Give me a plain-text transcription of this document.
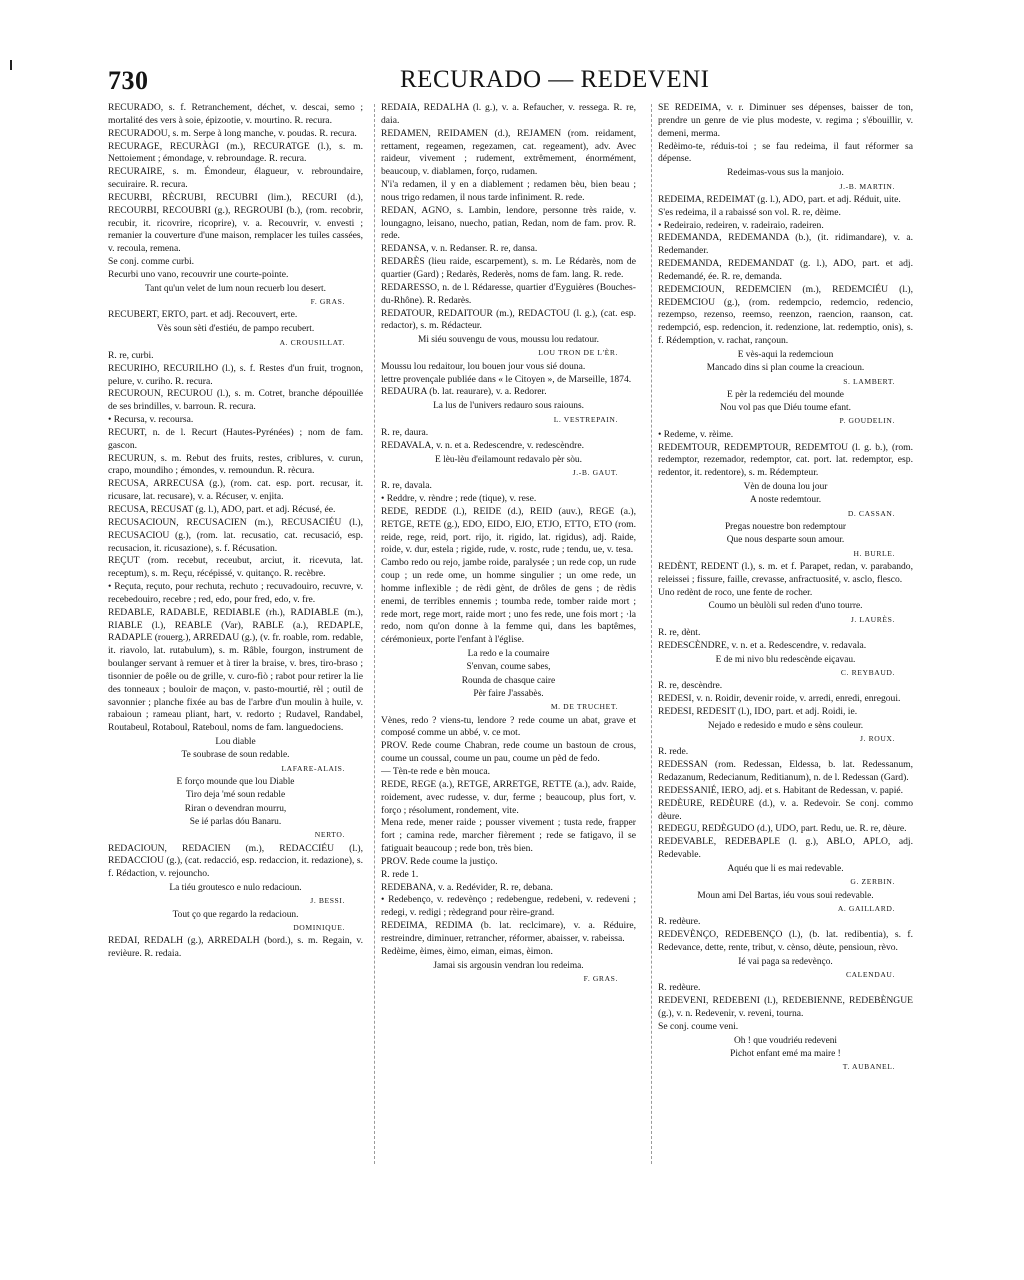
730	RECURADO — REDEVENI

RECURADO, s. f. Retranchement, déchet, v. descai, semo ; mortalité des vers à soie, épizootie, v. mourtino. R. recura.

RECURADOU, s. m. Serpe à long manche, v. poudas. R. recura.

RECURAGE, RECURÀGI (m.), RECURATGE (l.), s. m. Nettoiement ; émondage, v. rebroundage. R. recura.

RECURAIRE, s. m. Émondeur, élagueur, v. rebroundaire, secuiraire. R. recura.

RECURBI, RÈCRUBI, RECUBRI (lim.), RECURI (d.), RECOURBI, RECOUBRI (g.), REGROUBI (b.), (rom. recobrir, recubir, it. ricovrire, ricoprire), v. a. Recouvrir, v. envesti ; remanier la couverture d'une maison, remplacer les tuiles cassées, v. recoula, remena.

Se conj. comme curbi.

Recurbi uno vano, recouvrir une courte-pointe.

Tant qu'un velet de lum noun recuerb lou desert.

F. GRAS.

RECUBERT, ERTO, part. et adj. Recouvert, erte.

Vès soun sèti d'estiéu, de pampo recubert.

A. CROUSILLAT.

R. re, curbi.

RECURIHO, RECURILHO (l.), s. f. Restes d'un fruit, trognon, pelure, v. curiho. R. recura.

RECUROUN, RECUROU (l.), s. m. Cotret, branche dépouillée de ses brindilles, v. barroun. R. recura.

• Recursa, v. recoursa.

RECURT, n. de l. Recurt (Hautes-Pyrénées) ; nom de fam. gascon.

RECURUN, s. m. Rebut des fruits, restes, criblures, v. curun, crapo, moundiho ; émondes, v. remoundun. R. rècura.

RECUSA, ARRECUSA (g.), (rom. cat. esp. port. recusar, it. ricusare, lat. recusare), v. a. Récuser, v. enjita.

RECUSA, RECUSAT (g. l.), ADO, part. et adj. Récusé, ée.

RECUSACIOUN, RECUSACIEN (m.), RECUSACIÉU (l.), RECUSACIOU (g.), (rom. lat. recusatio, cat. recusació, esp. recusacion, it. ricusazione), s. f. Récusation.

REÇUT (rom. recebut, receubut, arciut, it. ricevuta, lat. receptum), s. m. Reçu, récépissé, v. quitanço. R. recèbre.

• Reçuta, reçuto, pour rechuta, rechuto ; recuvadouiro, recuvre, v. recebedouiro, recebre ; red, edo, pour fred, edo, v. fre.

REDABLE, RADABLE, REDIABLE (rh.), RADIABLE (m.), RIABLE (l.), REABLE (Var), RABLE (a.), REDAPLE, RADAPLE (rouerg.), ARREDAU (g.), (v. fr. roable, rom. redable, it. riavolo, lat. rutabulum), s. m. Râble, fourgon, instrument de boulanger servant à remuer et à tirer la braise, v. bres, tiro-braso ; tisonnier de poêle ou de grille, v. curo-fiò ; rabot pour retirer la lie des tonneaux ; bouloir de maçon, v. pasto-mourtié, rèl ; outil de savonnier ; planche fixée au bas de l'arbre d'un moulin à huile, v. rabaioun ; rameau pliant, hart, v. redorto ; Rudavel, Randabel, Routabeul, Rotaboul, Rateboul, noms de fam. languedociens.

Lou diable

Te soubrase de soun redable.

LAFARE-ALAIS.

E forço mounde que lou Diable

Tiro deja 'mé soun redable

Riran o devendran mourru,

Se ié parlas dóu Banaru.

NERTO.

REDACIOUN, REDACIEN (m.), REDACCIÉU (l.), REDACCIOU (g.), (cat. redacció, esp. redaccion, it. redazione), s. f. Rédaction, v. rejouncho.

La tiéu groutesco e nulo redacioun.

J. BESSI.

Tout ço que regardo la redacioun.

DOMINIQUE.

REDAI, REDALH (g.), ARREDALH (bord.), s. m. Regain, v. revièure. R. redaia.

REDAIA, REDALHA (l. g.), v. a. Refaucher, v. ressega. R. re, daia.

REDAMEN, REIDAMEN (d.), REJAMEN (rom. reidament, rettament, regeamen, regezamen, cat. regeament), adv. Avec raideur, vivement ; rudement, extrêmement, énormément, beaucoup, v. diablamen, forço, rudamen.

N'i'a redamen, il y en a diablement ; redamen bèu, bien beau ; nous trigo redamen, il nous tarde infiniment. R. rede.

REDAN, AGNO, s. Lambin, lendore, personne très raide, v. loungagno, leisano, nuecho, patian, Redan, nom de fam. prov. R. rede.

REDANSA, v. n. Redanser. R. re, dansa.

REDARÈS (lieu raide, escarpement), s. m. Le Rédarès, nom de quartier (Gard) ; Redarès, Rederès, noms de fam. lang. R. rede.

REDARESSO, n. de l. Rédaresse, quartier d'Eyguières (Bouches-du-Rhône). R. Redarès.

REDATOUR, REDAITOUR (m.), REDACTOU (l. g.), (cat. esp. redactor), s. m. Rédacteur.

Mi siéu souvengu de vous, moussu lou redatour.

LOU TRON DE L'ÈR.

Moussu lou redaitour, lou bouen jour vous sié douna.

lettre provençale publiée dans « le Citoyen », de Marseille, 1874.

REDAURA (b. lat. reaurare), v. a. Redorer.

La lus de l'univers redauro sous raiouns.

L. VESTREPAIN.

R. re, daura.

REDAVALA, v. n. et a. Redescendre, v. redescèndre.

E lèu-lèu d'eilamount redavalo pèr sòu.

J.-B. GAUT.

R. re, davala.

• Reddre, v. rèndre ; rede (tique), v. rese.

REDE, REDDE (l.), REIDE (d.), REID (auv.), REGE (a.), RETGE, RETE (g.), EDO, EIDO, EJO, ETJO, ETTO, ETO (rom. reide, rege, reid, port. rijo, it. rigido, lat. rigidus), adj. Raide, roide, v. dur, estela ; rigide, rude, v. rostc, rude ; tendu, ue, v. tesa.

Cambo redo ou rejo, jambe roide, paralysée ; un rede cop, un rude coup ; un rede ome, un homme singulier ; un ome rede, un homme inflexible ; de rèdi gènt, de drôles de gens ; de rèdis enemi, de terribles ennemis ; toumba rede, tomber raide mort ; rede mort, rege mort, raide mort ; uno fes rede, une fois mort ; ·la redo, nom qu'on donne à la femme qui, dans les baptêmes, cérémonieux, porte l'enfant à l'église.

La redo e la coumaire

S'envan, coume sabes,

Rounda de chasque caire

Pèr faire J'assabès.

M. DE TRUCHET.

Vènes, redo ? viens-tu, lendore ? rede coume un abat, grave et composé comme un abbé, v. ce mot.

PROV. Rede coume Chabran, rede coume un bastoun de crous, coume un coussal, coume un pau, coume un pèd de fedo.

— Tèn-te rede e bèn mouca.

REDE, REGE (a.), RETGE, ARRETGE, RETTE (a.), adv. Raide, roidement, avec rudesse, v. dur, ferme ; beaucoup, plus fort, v. forço ; résolument, rondement, vite.

Mena rede, mener raide ; pousser vivement ; tusta rede, frapper fort ; camina rede, marcher fièrement ; rede se fatigavo, il se fatiguait beaucoup ; rede bon, très bien.

PROV. Rede coume la justiço.

R. rede 1.

REDEBANA, v. a. Redévider, R. re, debana.

• Redebenço, v. redevènço ; redebengue, redebeni, v. redeveni ; redegi, v. redigi ; rèdegrand pour rèire-grand.

REDEIMA, REDIMA (b. lat. reclcimare), v. a. Réduire, restreindre, diminuer, retrancher, réformer, abaisser, v. rabeissa.

Redèime, èimes, èimo, eiman, eimas, èimon.

Jamai sis argousin vendran lou redeima.

F. GRAS.

SE REDEIMA, v. r. Diminuer ses dépenses, baisser de ton, prendre un genre de vie plus modeste, v. regima ; s'ébouillir, v. demeni, merma.

Redèimo-te, réduis-toi ; se fau redeima, il faut réformer sa dépense.

Redeimas-vous sus la manjoio.

J.-B. MARTIN.

REDEIMA, REDEIMAT (g. l.), ADO, part. et adj. Réduit, uite.

S'es redeima, il a rabaissé son vol. R. re, dèime.

• Redeiraio, redeiren, v. radeiraio, radeiren.

REDEMANDA, REDEMANDA (b.), (it. ridimandare), v. a. Redemander.

REDEMANDA, REDEMANDAT (g. l.), ADO, part. et adj. Redemandé, ée. R. re, demanda.

REDEMCIOUN, REDEMCIEN (m.), REDEMCIÉU (l.), REDEMCIOU (g.), (rom. redempcio, redemcio, redencio, rezempso, rezenso, reemso, reenzon, raencion, raanson, cat. redempció, esp. redencion, it. redenzione, lat. redemptio, onis), s. f. Rédemption, v. rachat, rançoun.

E vès-aqui la redemcioun

Mancado dins si plan coume la creacioun.

S. LAMBERT.

E pèr la redemciéu del mounde

Nou vol pas que Diéu toume efant.

P. GOUDELIN.

• Redeme, v. rèime.

REDEMTOUR, REDEMPTOUR, REDEMTOU (l. g. b.), (rom. redemptor, rezemador, redemptor, cat. port. lat. redemptor, esp. redentor, it. redentore), s. m. Rédempteur.

Vèn de douna lou jour

A noste redemtour.

D. CASSAN.

Pregas nouestre bon redemptour

Que nous desparte soun amour.

H. BURLE.

REDÈNT, REDENT (l.), s. m. et f. Parapet, redan, v. parabando, releissei ; fissure, faille, crevasse, anfractuosité, v. asclo, flesco.

Uno redènt de roco, une fente de rocher.

Coumo un bèulòli sul reden d'uno tourre.

J. LAURÈS.

R. re, dènt.

REDESCÈNDRE, v. n. et a. Redescendre, v. redavala.

E de mi nivo blu redescènde eiçavau.

C. REYBAUD.

R. re, descèndre.

REDESI, v. n. Roidir, devenir roide, v. arredi, enredi, enregoui.

REDESI, REDESIT (l.), IDO, part. et adj. Roidi, ie.

Nejado e redesido e mudo e sèns couleur.

J. ROUX.

R. rede.

REDESSAN (rom. Redessan, Eldessa, b. lat. Redessanum, Redazanum, Redecianum, Reditianum), n. de l. Redessan (Gard).

REDESSANIÉ, IERO, adj. et s. Habitant de Redessan, v. papié.

REDÈURE, REDÈURE (d.), v. a. Redevoir. Se conj. commo dèure.

REDEGU, REDÈGUDO (d.), UDO, part. Redu, ue. R. re, dèure.

REDEVABLE, REDEBAPLE (l. g.), ABLO, APLO, adj. Redevable.

Aquéu que li es mai redevable.

G. ZERBIN.

Moun ami Del Bartas, iéu vous soui redevable.

A. GAILLARD.

R. redèure.

REDEVÈNÇO, REDEBENÇO (l.), (b. lat. redibentia), s. f. Redevance, dette, rente, tribut, v. cènso, dèute, pensioun, rèvo.

Ié vai paga sa redevènço.

CALENDAU.

R. redèure.

REDEVENI, REDEBENI (l.), REDEBIENNE, REDEBÈNGUE (g.), v. n. Redevenir, v. reveni, tourna.

Se conj. coume veni.

Oh ! que voudriéu redeveni

Pichot enfant emé ma maire !

T. AUBANEL.
